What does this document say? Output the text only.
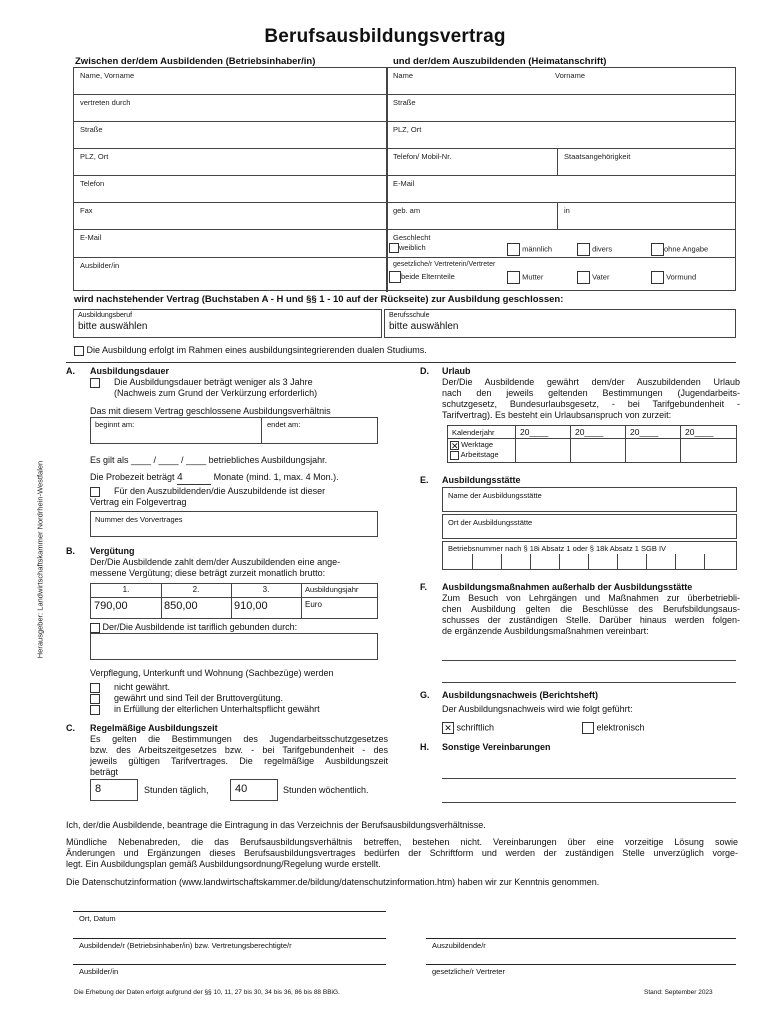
Berufsausbildungsvertrag
Zwischen der/dem Ausbildenden (Betriebsinhaber/in)	und der/dem Auszubildenden (Heimatanschrift)
Herausgeber: Landwirtschaftskammer Nordrhein-Westfalen
Name, Vorname
vertreten durch
Straße
PLZ, Ort
Telefon
Fax
E-Mail
Ausbilder/in
Name	Vorname
Straße
PLZ, Ort
Telefon/ Mobil-Nr.	Staatsangehörigkeit
E-Mail
geb. am	in
Geschlecht
weiblich	männlich	divers	ohne Angabe
gesetzliche/r Vertreterin/Vertreter
beide Elternteile	Mutter	Vater	Vormund
wird nachstehender Vertrag (Buchstaben A - H und §§ 1 - 10 auf der Rückseite) zur Ausbildung geschlossen:
Ausbildungsberuf
bitte auswählen
Berufsschule
bitte auswählen
Die Ausbildung erfolgt im Rahmen eines ausbildungsintegrierenden dualen Studiums.
A. Ausbildungsdauer
Die Ausbildungsdauer beträgt weniger als 3 Jahre
(Nachweis zum Grund der Verkürzung erforderlich)
Das mit diesem Vertrag geschlossene Ausbildungsverhältnis
beginnt am:	endet am:
Es gilt als ____ / ____ / ____ betriebliches Ausbildungsjahr.
Die Probezeit beträgt 4	Monate (mind. 1, max. 4 Mon.).
Für den Auszubildenden/die Auszubildende ist dieser
Vertrag ein Folgevertrag
Nummer des Vorvertrages
B. Vergütung
Der/Die Ausbildende zahlt dem/der Auszubildenden eine ange-
messene Vergütung; diese beträgt zurzeit monatlich brutto:
1.	2.	3.	Ausbildungsjahr
790,00	850,00	910,00	Euro
Der/Die Ausbildende ist tariflich gebunden durch:
Verpflegung, Unterkunft und Wohnung (Sachbezüge) werden
nicht gewährt.
gewährt und sind Teil der Bruttovergütung.
in Erfüllung der elterlichen Unterhaltspflicht gewährt
C. Regelmäßige Ausbildungszeit
Es gelten die Bestimmungen des Jugendarbeitsschutzgesetzes
bzw. des Arbeitszeitgesetzes bzw. - bei Tarifgebundenheit - des
jeweils gültigen Tarifvertrages. Die regelmäßige Ausbildungszeit
beträgt
8	Stunden täglich,	40	Stunden wöchentlich.
D. Urlaub
Der/Die Ausbildende gewährt dem/der Auszubildenden Urlaub
nach den jeweils geltenden Bestimmungen (Jugendarbeits-
schutzgesetz, Bundesurlaubsgesetz, - bei Tarifgebundenheit -
Tarifvertrag). Es besteht ein Urlaubsanspruch von zurzeit:
Kalenderjahr	20____	20____	20____	20____
✕ Werktage
Arbeitstage
E. Ausbildungsstätte
Name der Ausbildungsstätte
Ort der Ausbildungsstätte
Betriebsnummer nach § 18i Absatz 1 oder § 18k Absatz 1 SGB IV
F. Ausbildungsmaßnahmen außerhalb der Ausbildungsstätte
Zum Besuch von Lehrgängen und Maßnahmen zur überbetriebli-
chen Ausbildung gelten die Beschlüsse des Berufsbildungsaus-
schusses der zuständigen Stelle. Darüber hinaus werden folgen-
de ergänzende Ausbildungsmaßnahmen vereinbart:
G. Ausbildungsnachweis (Berichtsheft)
Der Ausbildungsnachweis wird wie folgt geführt:
✕ schriftlich	elektronisch
H. Sonstige Vereinbarungen
Ich, der/die Ausbildende, beantrage die Eintragung in das Verzeichnis der Berufsausbildungsverhältnisse.
Mündliche Nebenabreden, die das Berufsausbildungsverhältnis betreffen, bestehen nicht. Vereinbarungen über eine vorzeitige Lösung sowie
Änderungen und Ergänzungen dieses Berufsausbildungsvertrages bedürfen der Schriftform und werden der zuständigen Stelle unverzüglich vorge-
legt. Ein Ausbildungsplan gemäß Ausbildungsordnung/Regelung wurde erstellt.
Die Datenschutzinformation (www.landwirtschaftskammer.de/bildung/datenschutzinformation.htm) haben wir zur Kenntnis genommen.
Ort, Datum
Ausbildende/r (Betriebsinhaber/in) bzw. Vertretungsberechtigte/r	Auszubildende/r
Ausbilder/in	gesetzliche/r Vertreter
Die Erhebung der Daten erfolgt aufgrund der §§ 10, 11, 27 bis 30, 34 bis 36, 86 bis 88 BBiG.	Stand: September 2023
